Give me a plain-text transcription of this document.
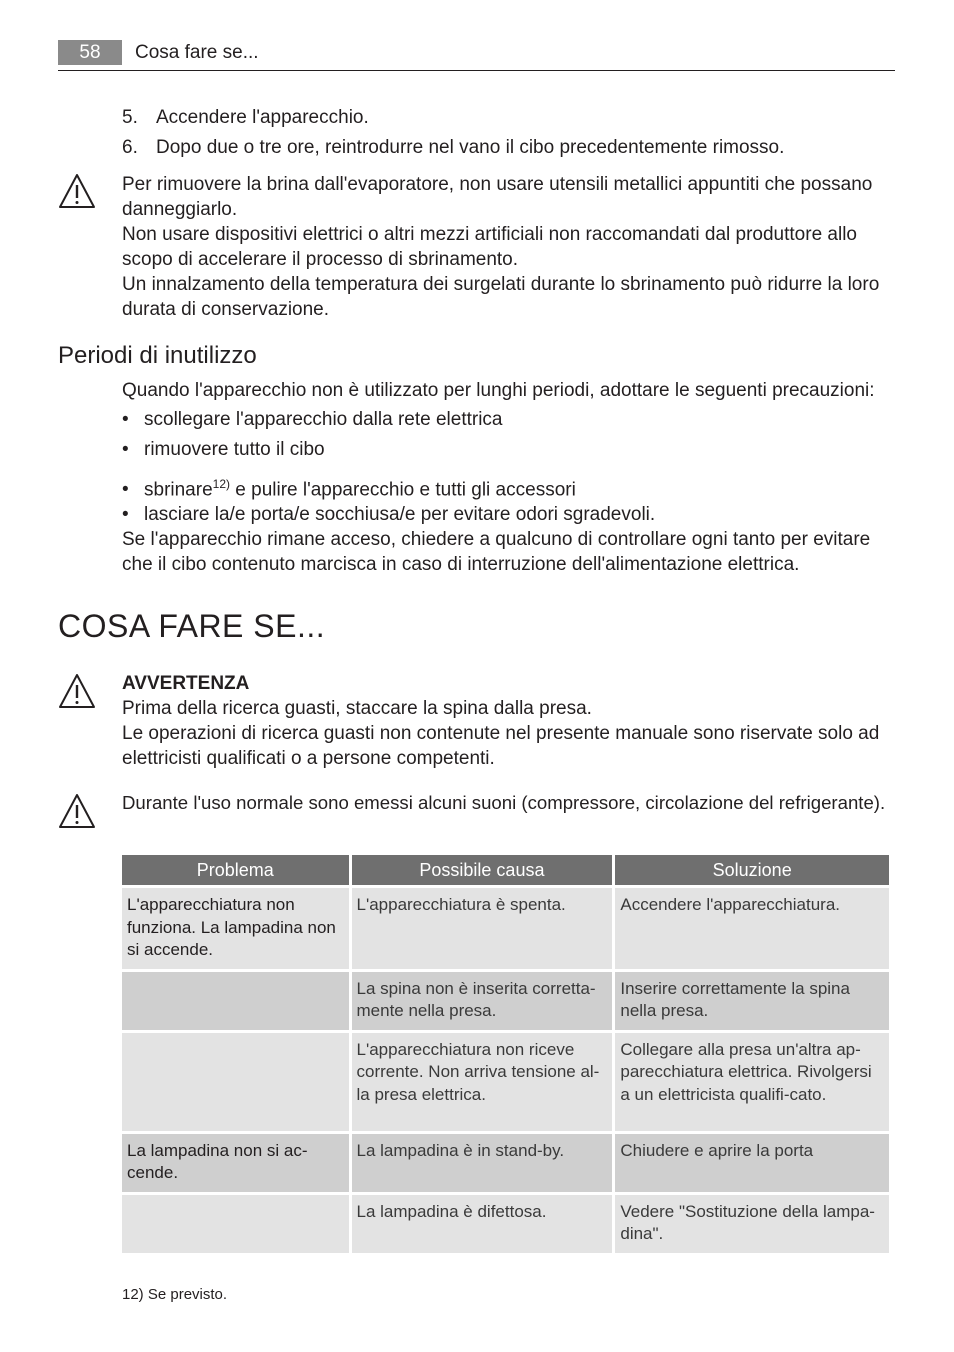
58	Cosa fare se...
5. Accendere l'apparecchio.
6. Dopo due o tre ore, reintrodurre nel vano il cibo precedentemente rimosso.

Per rimuovere la brina dall'evaporatore, non usare utensili metallici appuntiti che possano

danneggiarlo.

Non usare dispositivi elettrici o altri mezzi artificiali non raccomandati dal produttore allo

scopo di accelerare il processo di sbrinamento.

Un innalzamento della temperatura dei surgelati durante lo sbrinamento può ridurre la loro

durata di conservazione.

Periodi di inutilizzo
Quando l'apparecchio non è utilizzato per lunghi periodi, adottare le seguenti precauzioni:
• scollegare l'apparecchio dalla rete elettrica
• rimuovere tutto il cibo
• sbrinare$^{12)}$ e pulire l'apparecchio e tutti gli accessori
• lasciare la/e porta/e socchiusa/e per evitare odori sgradevoli.

Se l'apparecchio rimane acceso, chiedere a qualcuno di controllare ogni tanto per evitare

che il cibo contenuto marcisca in caso di interruzione dell'alimentazione elettrica.

COSA FARE SE...

AVVERTENZA

Prima della ricerca guasti, staccare la spina dalla presa.

Le operazioni di ricerca guasti non contenute nel presente manuale sono riservate solo ad

elettricisti qualificati o a persone competenti.

Durante l'uso normale sono emessi alcuni suoni (compressore, circolazione del refrigerante).
Problema	Possibile causa	Soluzione
L'apparecchiatura non funziona. La lampadina non si accende.	L'apparecchiatura è spenta.	Accendere l'apparecchiatura.
	La spina non è inserita corretta-mente nella presa.	Inserire correttamente la spina nella presa.
	L'apparecchiatura non riceve corrente. Non arriva tensione al-la presa elettrica.	Collegare alla presa un'altra ap-parecchiatura elettrica. Rivolgersi a un elettricista qualifi-cato.
La lampadina non si ac-cende.	La lampadina è in stand-by.	Chiudere e aprire la porta
	La lampadina è difettosa.	Vedere "Sostituzione della lampa-dina".
12) Se previsto.
